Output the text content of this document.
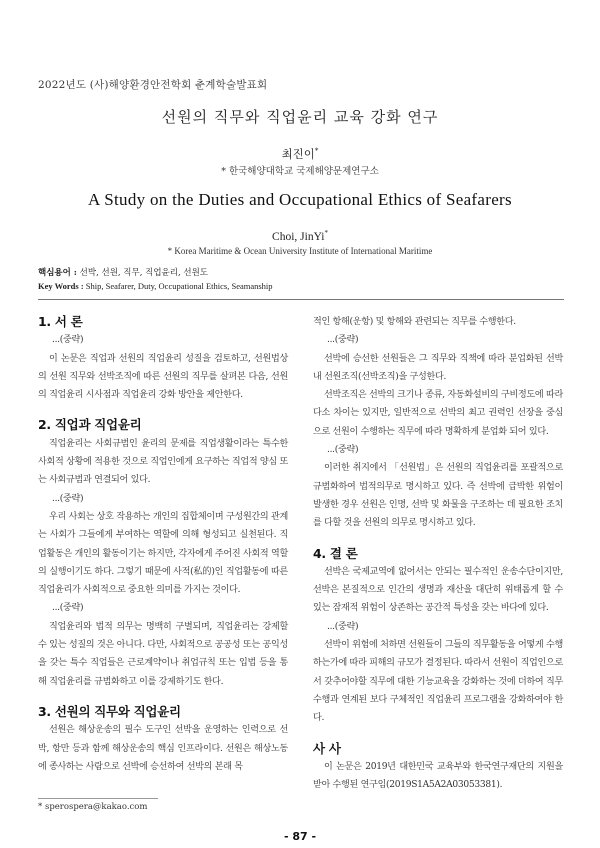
2022년도 (사)해양환경안전학회 춘계학술발표회
선원의 직무와 직업윤리 교육 강화 연구
최진이*
* 한국해양대학교 국제해양문제연구소
A Study on the Duties and Occupational Ethics of Seafarers
Choi, JinYi*
* Korea Maritime & Ocean University Institute of International Maritime
핵심용어 : 선박, 선원, 직무, 직업윤리, 선원도
Key Words : Ship, Seafarer, Duty, Occupational Ethics, Seamanship
1. 서 론

...(중략)

이 논문은 직업과 선원의 직업윤리 성질을 검토하고, 선원법상의 선원 직무와 선박조직에 따른 선원의 직무를 살펴본 다음, 선원의 직업윤리 시사점과 직업윤리 강화 방안을 제안한다.

2. 직업과 직업윤리

직업윤리는 사회규범인 윤리의 문제를 직업생활이라는 특수한 사회적 상황에 적용한 것으로 직업인에게 요구하는 직업적 양심 또는 사회규범과 연결되어 있다.

...(중략)

우리 사회는 상호 작용하는 개인의 집합체이며 구성원간의 관계는 사회가 그들에게 부여하는 역할에 의해 형성되고 실천된다. 직업활동은 개인의 활동이기는 하지만, 각자에게 주어진 사회적 역할의 실행이기도 하다. 그렇기 때문에 사적(私的)인 직업활동에 따른 직업윤리가 사회적으로 중요한 의미를 가지는 것이다.

...(중략)

직업윤리와 법적 의무는 명백히 구별되며, 직업윤리는 강제할 수 있는 성질의 것은 아니다. 다만, 사회적으로 공공성 또는 공익성을 갖는 특수 직업들은 근로계약이나 취업규칙 또는 입법 등을 통해 직업윤리를 규범화하고 이를 강제하기도 한다.

3. 선원의 직무와 직업윤리

선원은 해상운송의 필수 도구인 선박을 운영하는 인력으로 선박, 항만 등과 함께 해상운송의 핵심 인프라이다. 선원은 해상노동에 종사하는 사람으로 선박에 승선하여 선박의 본래 목

적인 항해(운항) 및 항해와 관련되는 직무를 수행한다.

...(중략)

선박에 승선한 선원들은 그 직무와 직책에 따라 분업화된 선박 내 선원조직(선박조직)을 구성한다.

선박조직은 선박의 크기나 종류, 자동화설비의 구비정도에 따라 다소 차이는 있지만, 일반적으로 선박의 최고 권력인 선장을 중심으로 선원이 수행하는 직무에 따라 명확하게 분업화 되어 있다.

...(중략)

이러한 취지에서 「선원법」은 선원의 직업윤리를 포괄적으로 규범화하여 법적의무로 명시하고 있다. 즉 선박에 급박한 위험이 발생한 경우 선원은 인명, 선박 및 화물을 구조하는 데 필요한 조치를 다할 것을 선원의 의무로 명시하고 있다.

4. 결 론

선박은 국제교역에 없어서는 안되는 필수적인 운송수단이지만, 선박은 본질적으로 인간의 생명과 재산을 대단히 위태롭게 할 수 있는 잠재적 위험이 상존하는 공간적 특성을 갖는 바다에 있다.

...(중략)

선박이 위험에 처하면 선원들이 그들의 직무활동을 어떻게 수행하는가에 따라 피해의 규모가 결정된다. 따라서 선원이 직업인으로서 갖추어야할 직무에 대한 기능교육을 강화하는 것에 더하여 직무수행과 연계된 보다 구체적인 직업윤리 프로그램을 강화하여야 한다.

사 사

이 논문은 2019년 대한민국 교육부와 한국연구재단의 지원을 받아 수행된 연구임(2019S1A5A2A03053381).

* sperospera@kakao.com
- 87 -
